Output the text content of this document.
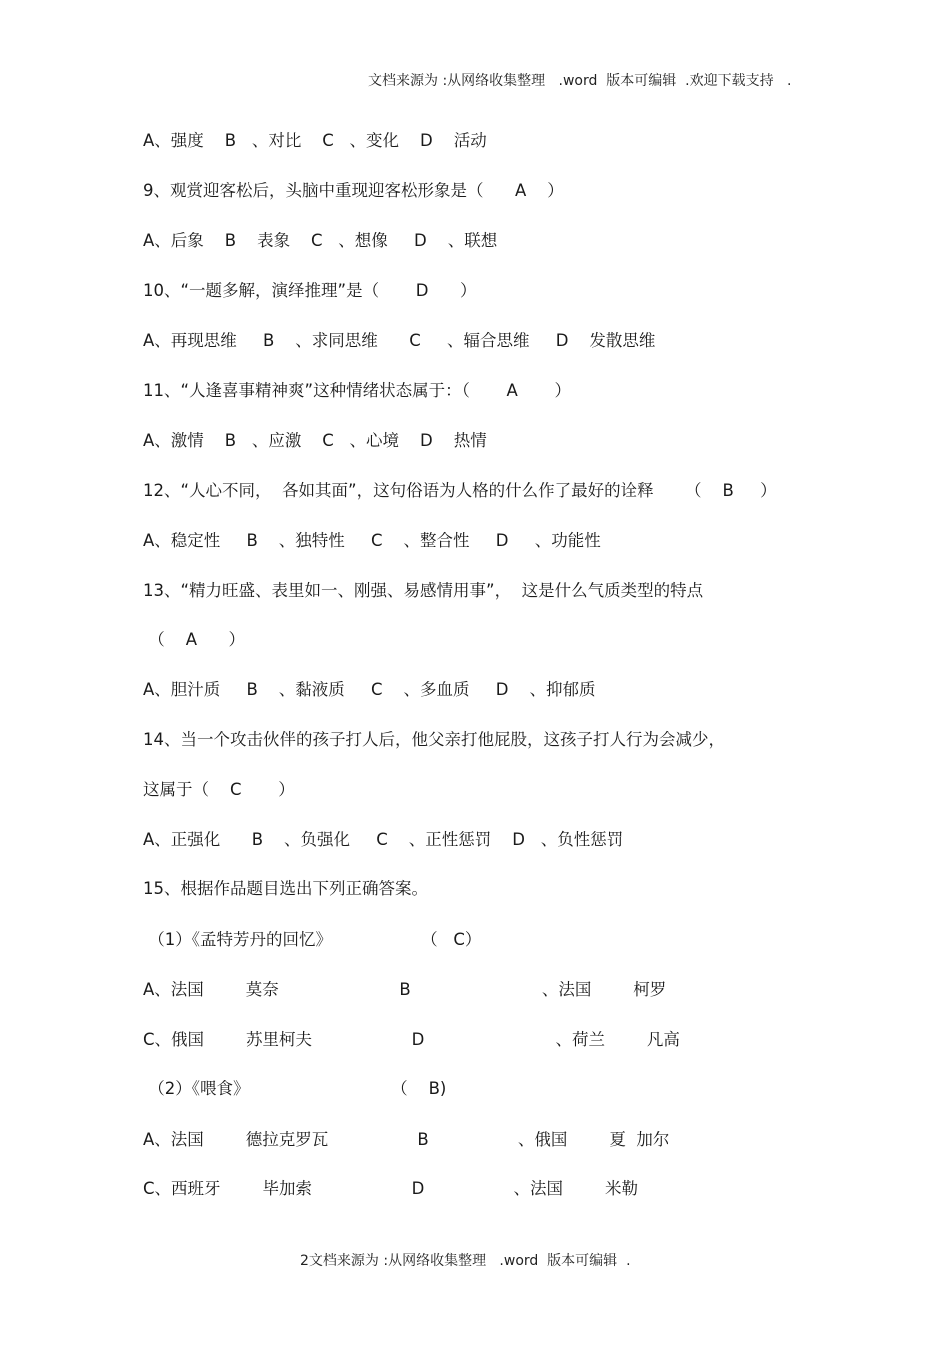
文档来源为 :从网络收集整理   .word  版本可编辑  .欢迎下载支持   .
A、强度    B   、对比    C   、变化    D    活动
9、观赏迎客松后，头脑中重现迎客松形象是（      A    ）
A、后象    B    表象    C   、想像     D    、联想
10、“一题多解，演绎推理”是（       D      ）
A、再现思维     B    、求同思维      C     、辐合思维     D    发散思维
11、“人逢喜事精神爽”这种情绪状态属于：（       A       ）
A、激情    B   、应激    C   、心境    D    热情
12、“人心不同，  各如其面”，这句俗语为人格的什么作了最好的诠释      （    B     ）
A、稳定性     B    、独特性     C    、整合性     D     、功能性
13、“精力旺盛、表里如一、刚强、易感情用事”，  这是什么气质类型的特点
（    A      ）
A、胆汁质     B    、黏液质     C    、多血质     D    、抑郁质
14、当一个攻击伙伴的孩子打人后，他父亲打他屁股，这孩子打人行为会减少，
这属于（    C       ）
A、正强化      B    、负强化     C    、正性惩罚    D   、负性惩罚
15、根据作品题目选出下列正确答案。
（1）《孟特芳丹的回忆》                 （   C）
A、法国        莫奈                       B                         、法国        柯罗
C、俄国        苏里柯夫                   D                         、荷兰        凡高
（2）《喂食》                           （    B)
A、法国        德拉克罗瓦                 B                 、俄国        夏  加尔
C、西班牙        毕加索                   D                 、法国        米勒
2文档来源为 :从网络收集整理   .word  版本可编辑  .
